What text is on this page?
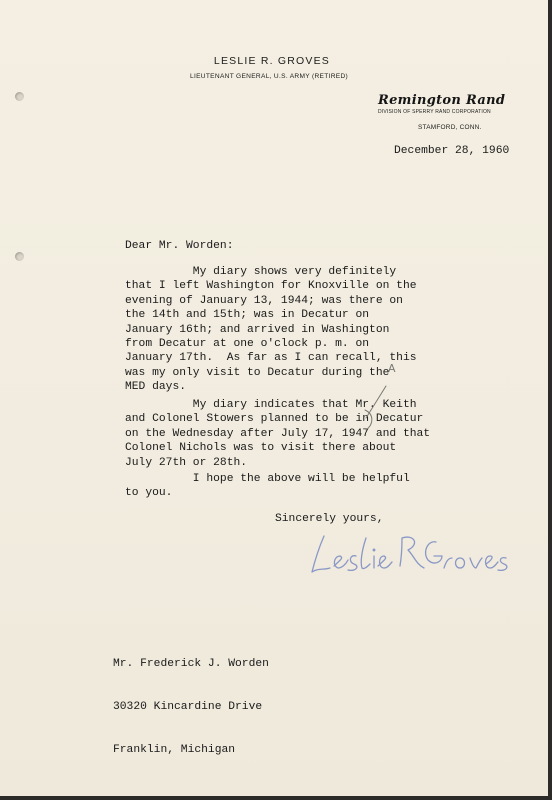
LESLIE R. GROVES
LIEUTENANT GENERAL, U.S. ARMY (RETIRED)
Remington Rand
DIVISION OF SPERRY RAND CORPORATION
STAMFORD, CONN.
December 28, 1960
Dear Mr. Worden:
My diary shows very definitely
that I left Washington for Knoxville on the
evening of January 13, 1944; was there on
the 14th and 15th; was in Decatur on
January 16th; and arrived in Washington
from Decatur at one o'clock p. m. on
January 17th.  As far as I can recall, this
was my only visit to Decatur during the
MED days.
My diary indicates that Mr. Keith
and Colonel Stowers planned to be in Decatur
on the Wednesday after July 17, 1947 and that
Colonel Nichols was to visit there about
July 27th or 28th.
I hope the above will be helpful
to you.
Sincerely yours,
A

Mr. Frederick J. Worden

30320 Kincardine Drive

Franklin, Michigan
